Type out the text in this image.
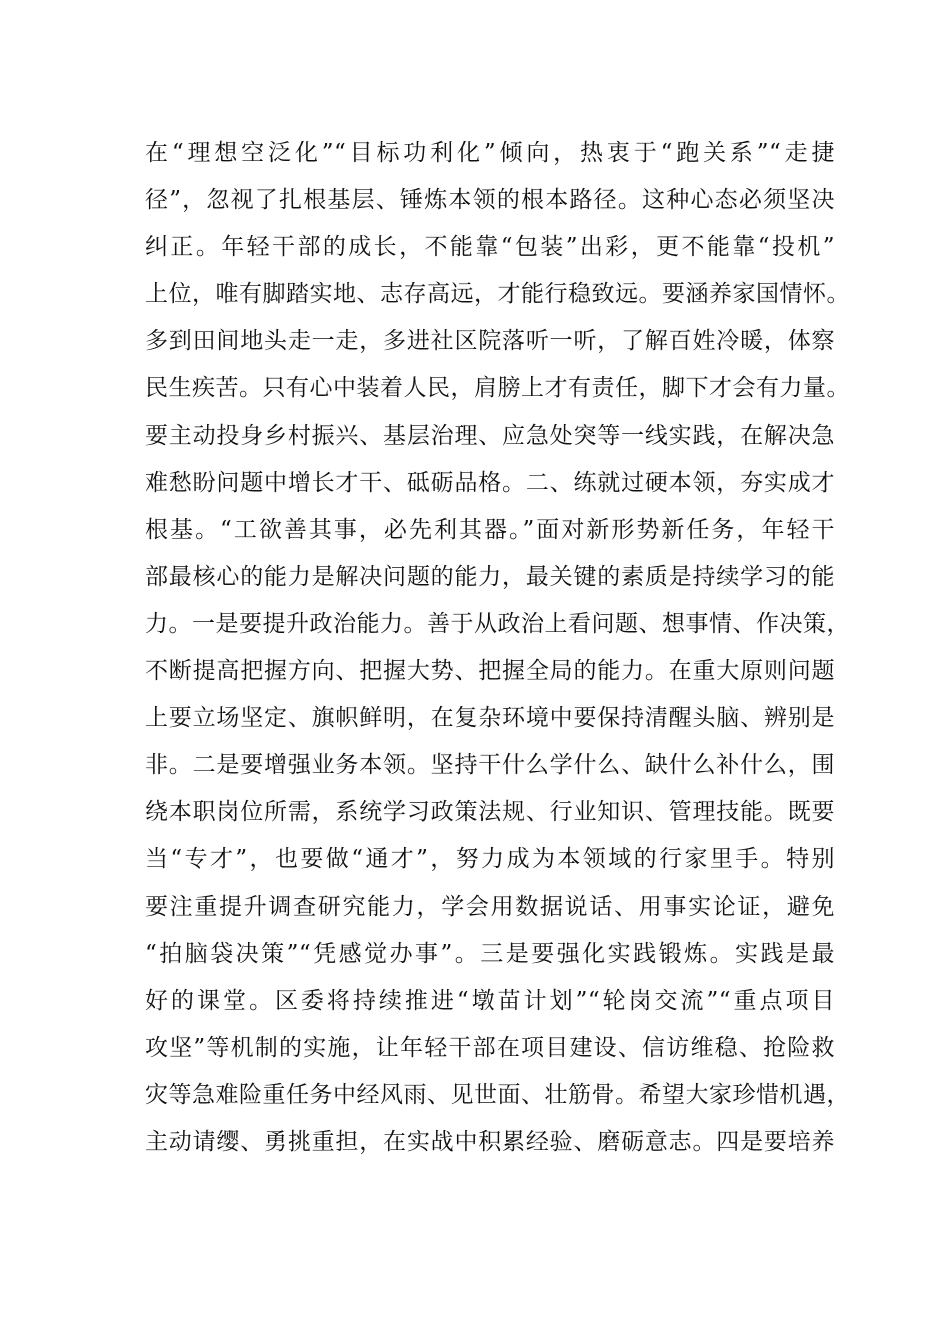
在“理想空泛化”“目标功利化”倾向，热衷于“跑关系”“走捷
径”，忽视了扎根基层、锤炼本领的根本路径。这种心态必须坚决
纠正。年轻干部的成长，不能靠“包装”出彩，更不能靠“投机”
上位，唯有脚踏实地、志存高远，才能行稳致远。要涵养家国情怀。
多到田间地头走一走，多进社区院落听一听，了解百姓冷暖，体察
民生疾苦。只有心中装着人民，肩膀上才有责任，脚下才会有力量。
要主动投身乡村振兴、基层治理、应急处突等一线实践，在解决急
难愁盼问题中增长才干、砥砺品格。二、练就过硬本领，夯实成才
根基。“工欲善其事，必先利其器。”面对新形势新任务，年轻干
部最核心的能力是解决问题的能力，最关键的素质是持续学习的能
力。一是要提升政治能力。善于从政治上看问题、想事情、作决策，
不断提高把握方向、把握大势、把握全局的能力。在重大原则问题
上要立场坚定、旗帜鲜明，在复杂环境中要保持清醒头脑、辨别是
非。二是要增强业务本领。坚持干什么学什么、缺什么补什么，围
绕本职岗位所需，系统学习政策法规、行业知识、管理技能。既要
当“专才”，也要做“通才”，努力成为本领域的行家里手。特别
要注重提升调查研究能力，学会用数据说话、用事实论证，避免
“拍脑袋决策”“凭感觉办事”。三是要强化实践锻炼。实践是最
好的课堂。区委将持续推进“墩苗计划”“轮岗交流”“重点项目
攻坚”等机制的实施，让年轻干部在项目建设、信访维稳、抢险救
灾等急难险重任务中经风雨、见世面、壮筋骨。希望大家珍惜机遇，
主动请缨、勇挑重担，在实战中积累经验、磨砺意志。四是要培养
